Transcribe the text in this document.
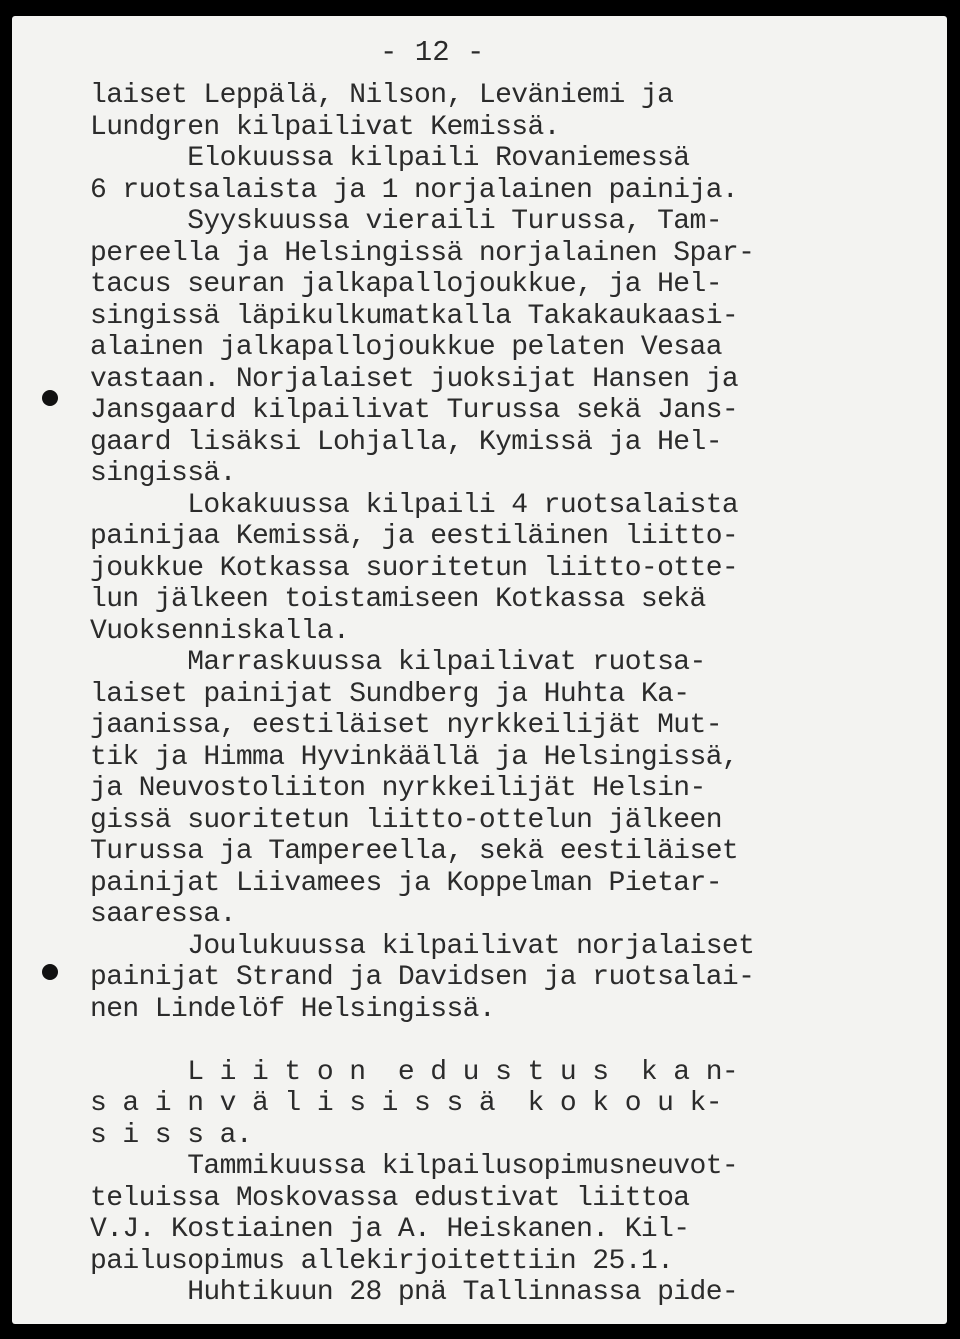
- 12 -
laiset Leppälä, Nilson, Leväniemi ja
Lundgren kilpailivat Kemissä.
Elokuussa kilpaili Rovaniemessä
6 ruotsalaista ja 1 norjalainen painija.
Syyskuussa vieraili Turussa, Tam-
pereella ja Helsingissä norjalainen Spar-
tacus seuran jalkapallojoukkue, ja Hel-
singissä läpikulkumatkalla Takakaukaasi-
alainen jalkapallojoukkue pelaten Vesaa
vastaan. Norjalaiset juoksijat Hansen ja
Jansgaard kilpailivat Turussa sekä Jans-
gaard lisäksi Lohjalla, Kymissä ja Hel-
singissä.
Lokakuussa kilpaili 4 ruotsalaista
painijaa Kemissä, ja eestiläinen liitto-
joukkue Kotkassa suoritetun liitto-otte-
lun jälkeen toistamiseen Kotkassa sekä
Vuoksenniskalla.
Marraskuussa kilpailivat ruotsa-
laiset painijat Sundberg ja Huhta Ka-
jaanissa, eestiläiset nyrkkeilijät Mut-
tik ja Himma Hyvinkäällä ja Helsingissä,
ja Neuvostoliiton nyrkkeilijät Helsin-
gissä suoritetun liitto-ottelun jälkeen
Turussa ja Tampereella, sekä eestiläiset
painijat Liivamees ja Koppelman Pietar-
saaressa.
Joulukuussa kilpailivat norjalaiset
painijat Strand ja Davidsen ja ruotsalai-
nen Lindelöf Helsingissä.
L i i t o n  e d u s t u s  k a n-
s a i n v ä l i s i s s ä  k o k o u k-
s i s s a.
Tammikuussa kilpailusopimusneuvot-
teluissa Moskovassa edustivat liittoa
V.J. Kostiainen ja A. Heiskanen. Kil-
pailusopimus allekirjoitettiin 25.1.
Huhtikuun 28 pnä Tallinnassa pide-
